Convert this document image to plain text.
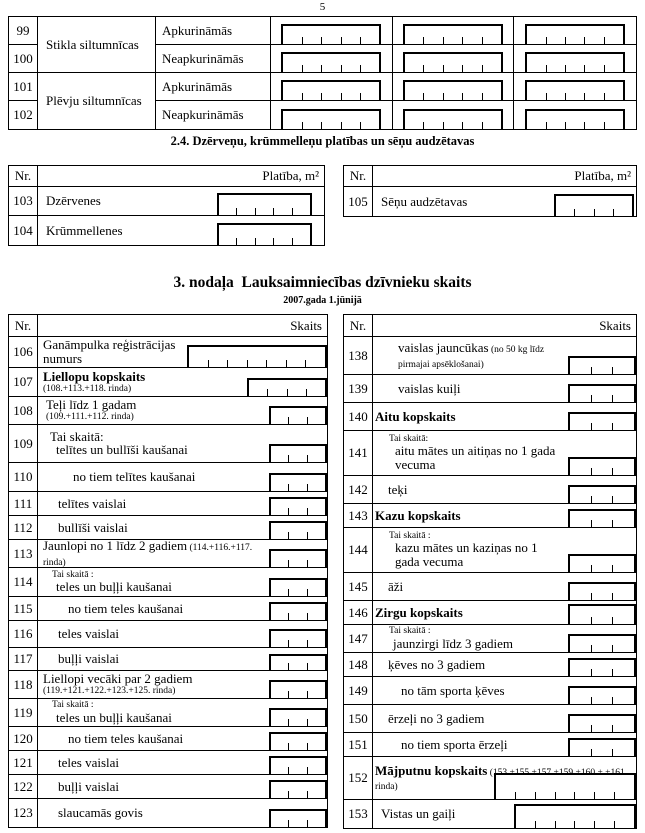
5
Stikla siltumnīcas
99	Apkurināmās
100	Neapkurināmās
Plēvju siltumnīcas
101	Apkurināmās
102	Neapkurināmās
2.4. Dzērveņu, krūmmelleņu platības un sēņu audzētavas
Nr.	Platība, m²
103	Dzērvenes
104	Krūmmellenes
Nr.	Platība, m²
105	Sēņu audzētavas
3. nodaļa  Lauksaimniecības dzīvnieku skaits
2007.gada 1.jūnijā
Nr.	Skaits
106 Ganāmpulka reģistrācijas numurs
107 Liellopu kopskaits
(108.+113.+118. rinda)
108	Teļi līdz 1 gadam
(109.+111.+112. rinda)
109	Tai skaitā:
telītes un bullīši kaušanai
110	no tiem telītes kaušanai
111	telītes vaislai
112	bullīši vaislai
113 Jaunlopi no 1 līdz 2 gadiem (114.+116.+117. rinda)
114	Tai skaitā :
teles un buļļi kaušanai
115	no tiem teles kaušanai
116	teles vaislai
117	buļļi vaislai
118 Liellopi vecāki par 2 gadiem
(119.+121.+122.+123.+125. rinda)
119	Tai skaitā :
teles un buļļi kaušanai
120	no tiem teles kaušanai
121	teles vaislai
122	buļļi vaislai
123	slaucamās govis
Nr.	Skaits
138	vaislas jauncūkas (no 50 kg līdz pirmajai apsēklošanai)
139	vaislas kuiļi
140 Aitu kopskaits
141
Tai skaitā:
aitu mātes un aitiņas no 1 gada vecuma
142	teķi
143 Kazu kopskaits
144
Tai skaitā :
kazu mātes un kaziņas no 1 gada vecuma
145	āži
146 Zirgu kopskaits
147	Tai skaitā :
jaunzirgi līdz 3 gadiem
148	ķēves no 3 gadiem
149	no tām sporta ķēves
150	ērzeļi no 3 gadiem
151	no tiem sporta ērzeļi
152 Mājputnu kopskaits (153.+155.+157.+159.+160.+ +161. rinda)
153	Vistas un gaiļi
